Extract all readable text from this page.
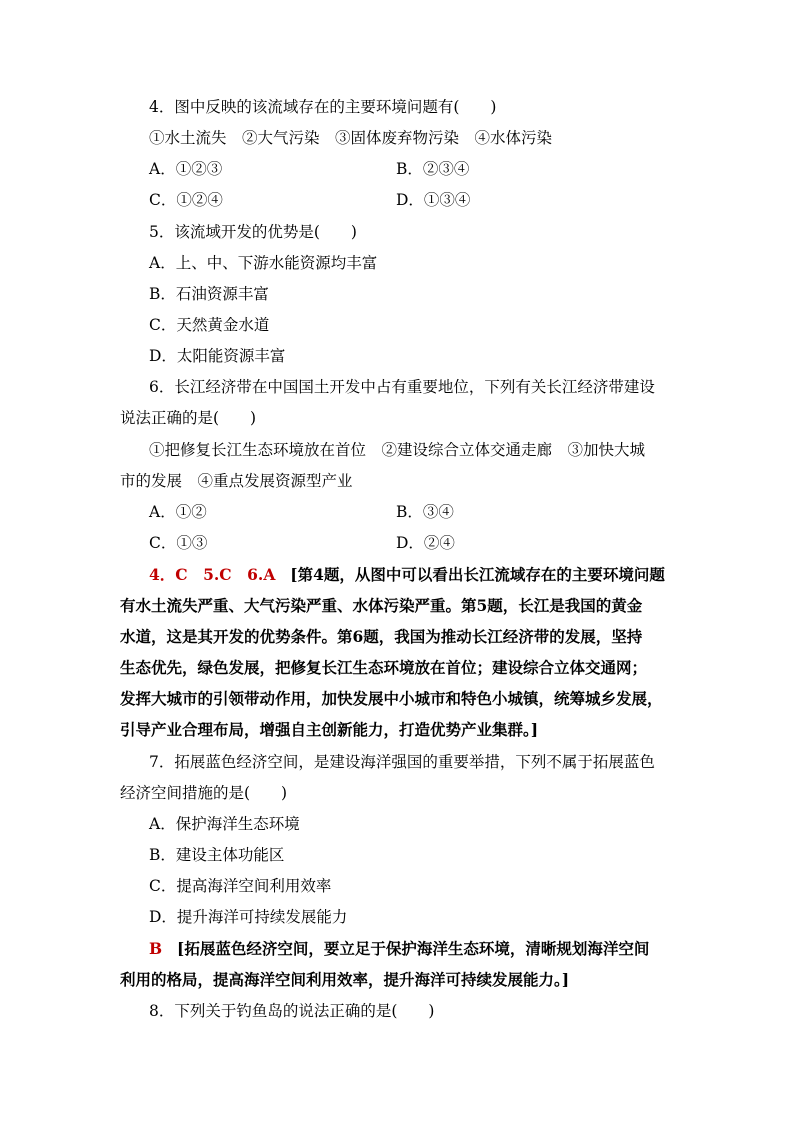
4．图中反映的该流域存在的主要环境问题有(　　)
①水土流失　②大气污染　③固体废弃物污染　④水体污染
A．①②③	B．②③④
C．①②④	D．①③④
5．该流域开发的优势是(　　)
A．上、中、下游水能资源均丰富
B．石油资源丰富
C．天然黄金水道
D．太阳能资源丰富
6．长江经济带在中国国土开发中占有重要地位，下列有关长江经济带建设
说法正确的是(　　)
①把修复长江生态环境放在首位　②建设综合立体交通走廊　③加快大城
市的发展　④重点发展资源型产业
A．①②	B．③④
C．①③	D．②④
4．C　5.C　6.A [第4题，从图中可以看出长江流域存在的主要环境问题
有水土流失严重、大气污染严重、水体污染严重。第5题，长江是我国的黄金
水道，这是其开发的优势条件。第6题，我国为推动长江经济带的发展，坚持
生态优先，绿色发展，把修复长江生态环境放在首位；建设综合立体交通网；
发挥大城市的引领带动作用，加快发展中小城市和特色小城镇，统筹城乡发展，
引导产业合理布局，增强自主创新能力，打造优势产业集群。]
7．拓展蓝色经济空间，是建设海洋强国的重要举措，下列不属于拓展蓝色
经济空间措施的是(　　)
A．保护海洋生态环境
B．建设主体功能区
C．提高海洋空间利用效率
D．提升海洋可持续发展能力
B [拓展蓝色经济空间，要立足于保护海洋生态环境，清晰规划海洋空间
利用的格局，提高海洋空间利用效率，提升海洋可持续发展能力。]
8．下列关于钓鱼岛的说法正确的是(　　)
